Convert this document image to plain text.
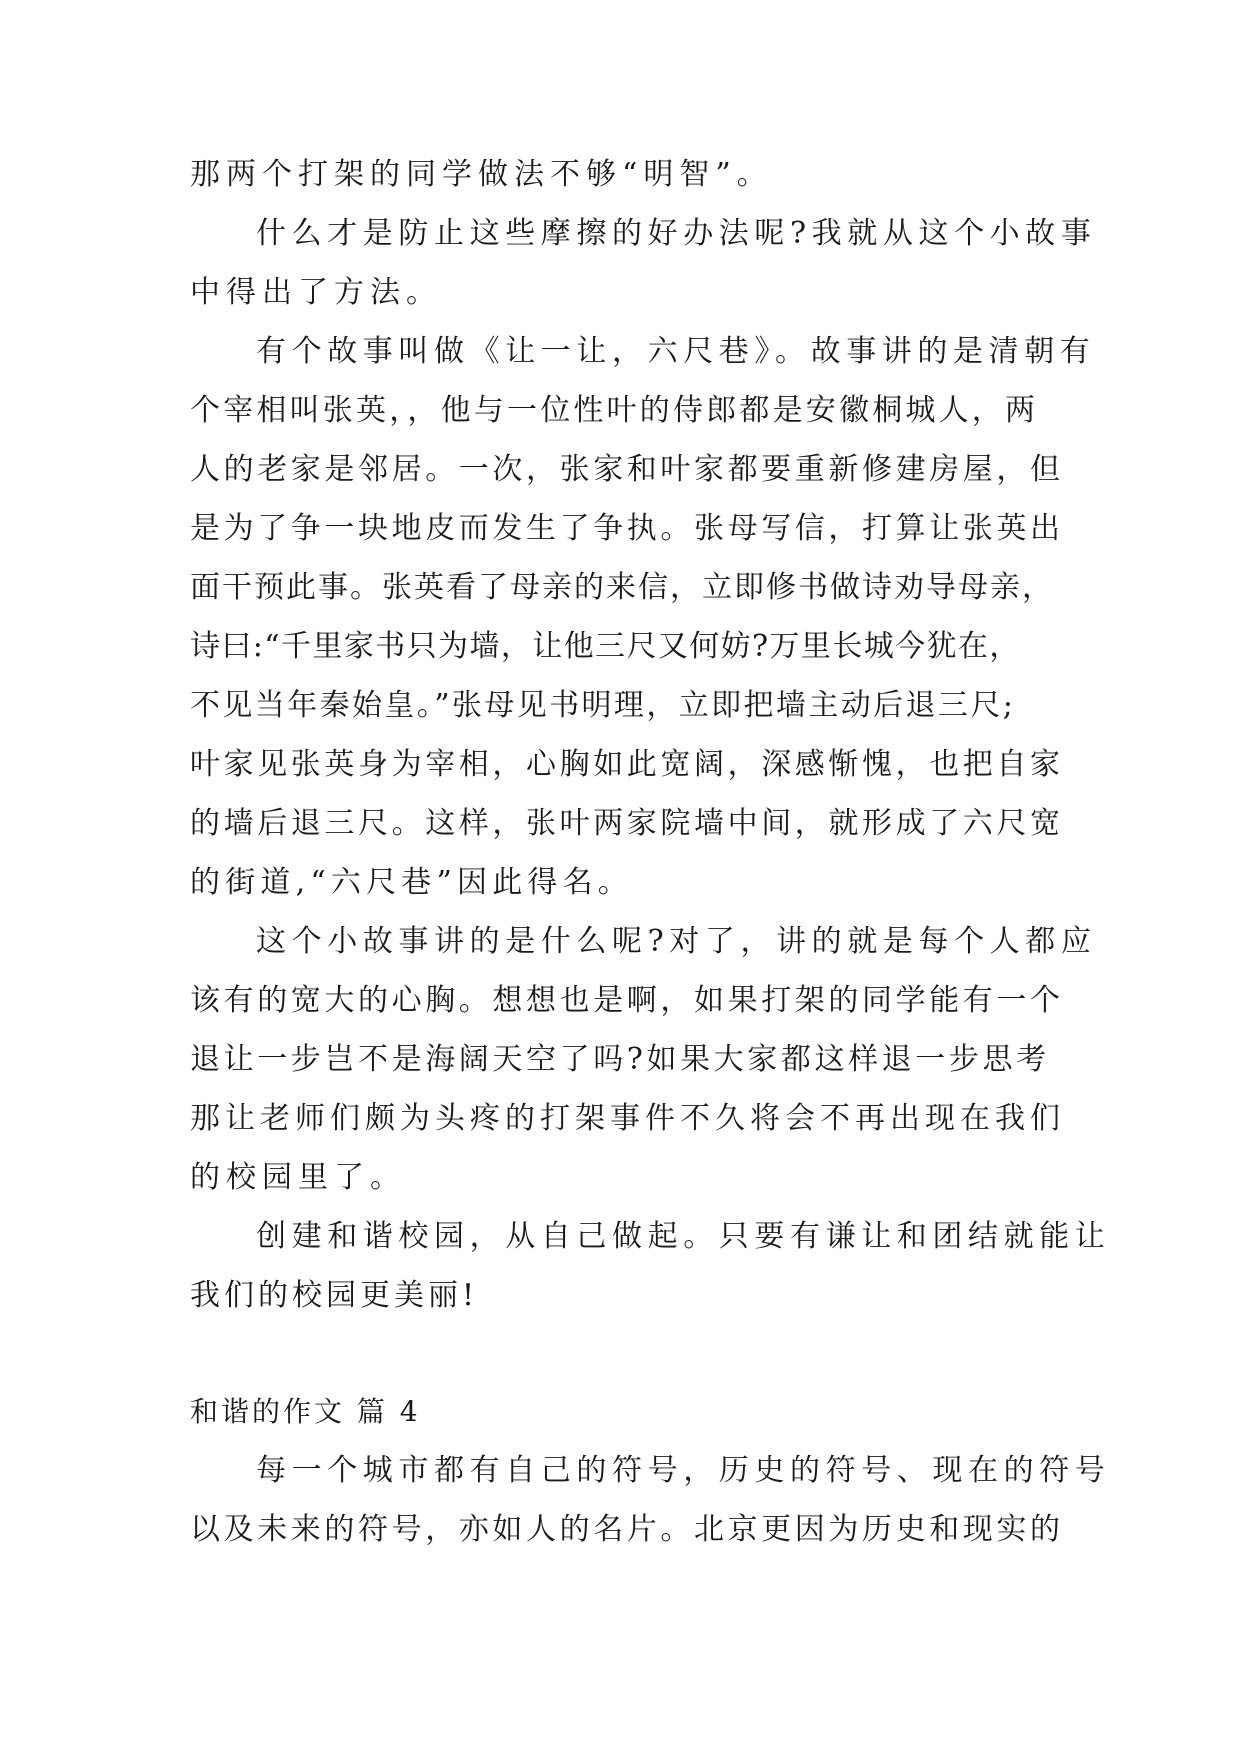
那两个打架的同学做法不够“明智”。

什么才是防止这些摩擦的好办法呢?我就从这个小故事

中得出了方法。

有个故事叫做《让一让，六尺巷》。故事讲的是清朝有

个宰相叫张英，，他与一位性叶的侍郎都是安徽桐城人，两

人的老家是邻居。一次，张家和叶家都要重新修建房屋，但

是为了争一块地皮而发生了争执。张母写信，打算让张英出

面干预此事。张英看了母亲的来信，立即修书做诗劝导母亲，

诗曰:“千里家书只为墙，让他三尺又何妨?万里长城今犹在，

不见当年秦始皇。”张母见书明理，立即把墙主动后退三尺;

叶家见张英身为宰相，心胸如此宽阔，深感惭愧，也把自家

的墙后退三尺。这样，张叶两家院墙中间，就形成了六尺宽

的街道,“六尺巷”因此得名。

这个小故事讲的是什么呢?对了，讲的就是每个人都应

该有的宽大的心胸。想想也是啊，如果打架的同学能有一个

退让一步岂不是海阔天空了吗?如果大家都这样退一步思考

那让老师们颇为头疼的打架事件不久将会不再出现在我们

的校园里了。

创建和谐校园，从自己做起。只要有谦让和团结就能让

我们的校园更美丽!

和谐的作文 篇 4

每一个城市都有自己的符号，历史的符号、现在的符号

以及未来的符号，亦如人的名片。北京更因为历史和现实的
